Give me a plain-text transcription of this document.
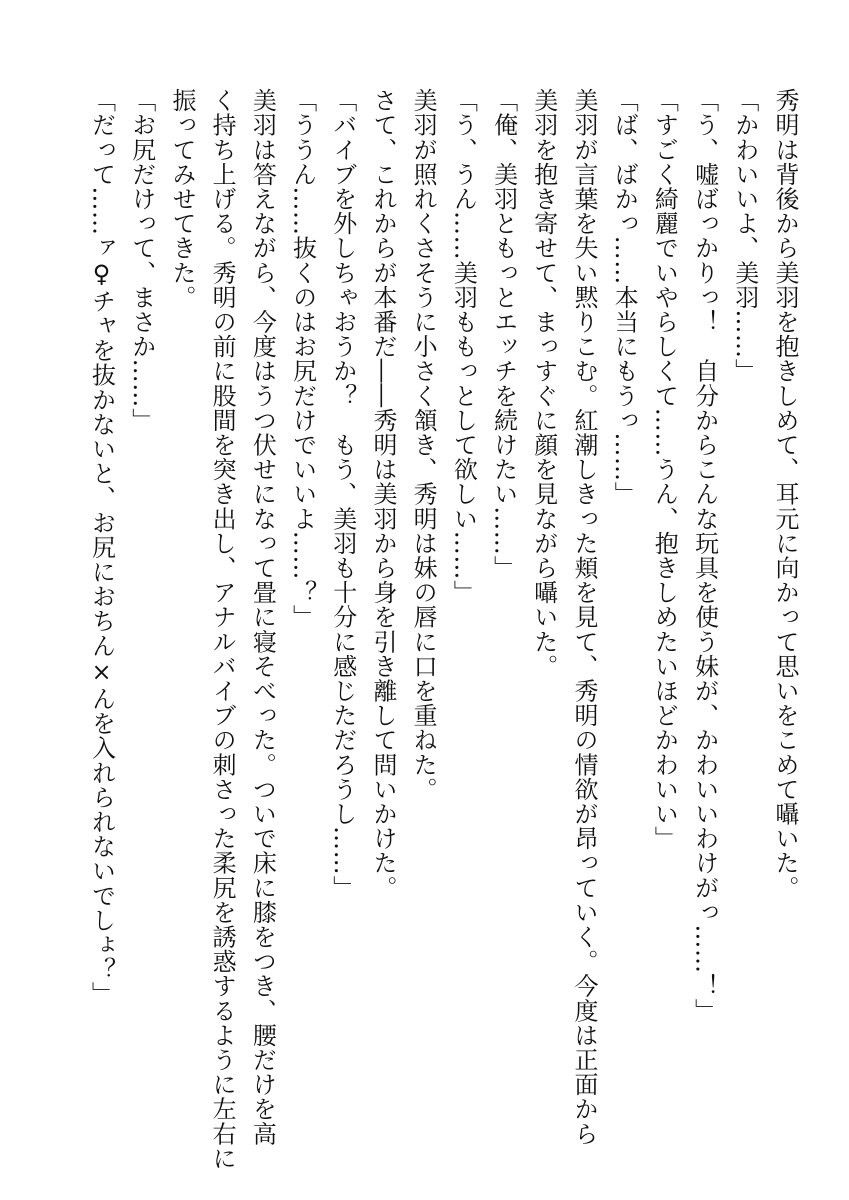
秀明は背後から美羽を抱きしめて、耳元に向かって思いをこめて囁いた。
「かわいいよ、美羽……」
「う、嘘ばっかりっ！　自分からこんな玩具を使う妹が、かわいいわけがっ……！」
「すごく綺麗でいやらしくて……うん、抱きしめたいほどかわいい」
「ば、ばかっ……本当にもうっ……」
美羽が言葉を失い黙りこむ。紅潮しきった頬を見て、秀明の情欲が昂っていく。今度は正面から
美羽を抱き寄せて、まっすぐに顔を見ながら囁いた。
「俺、美羽ともっとエッチを続けたい……」
「う、うん……美羽ももっとして欲しい……」
美羽が照れくさそうに小さく頷き、秀明は妹の唇に口を重ねた。
さて、これからが本番だ――秀明は美羽から身を引き離して問いかけた。
「バイブを外しちゃおうか？　もう、美羽も十分に感じただろうし……」
「ううん……抜くのはお尻だけでいいよ……？」
美羽は答えながら、今度はうつ伏せになって畳に寝そべった。ついで床に膝をつき、腰だけを高
く持ち上げる。秀明の前に股間を突き出し、アナルバイブの刺さった柔尻を誘惑するように左右に
振ってみせてきた。
「お尻だけって、まさか……」
「だって……ァ♀チャを抜かないと、お尻におちん×んを入れられないでしょ？」
